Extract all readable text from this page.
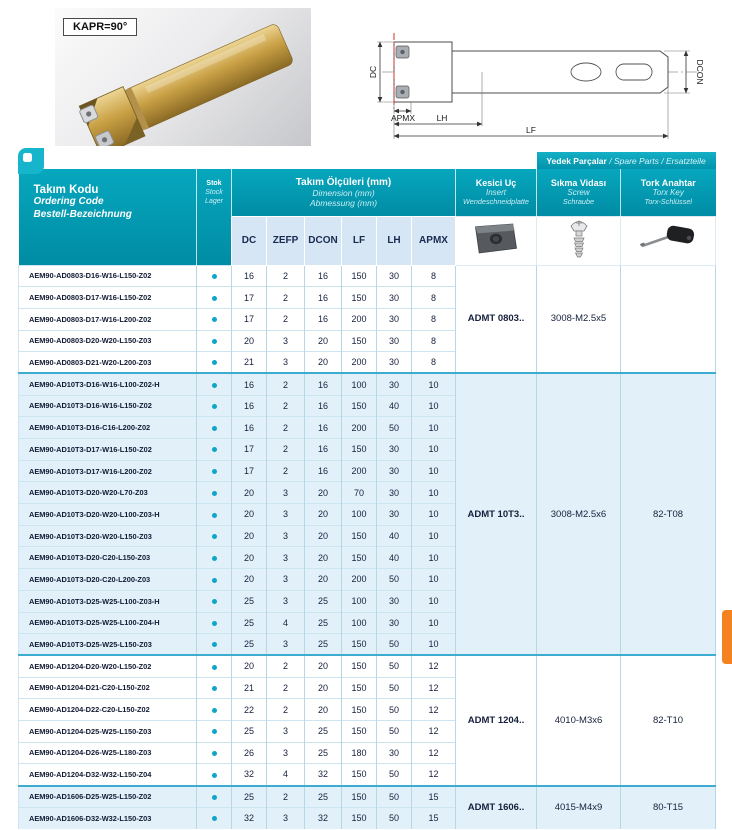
KAPR=90°
DC	DCON
APMX	LH
LF
									Yedek Parçalar / Spare Parts / Ersatzteile	

Takım Kodu
Ordering Code
Bestell-Bezeichnung	Stok
Stock
Lager	Takım Ölçüleri (mm)
Dimension (mm)
Abmessung (mm)						Kesici Uç
Insert
Wendeschneidplatte	Sıkma Vidası
Screw
Schraube	Tork Anahtar
Torx Key
Torx-Schlüssel

		DC	ZEFP	DCON	LF	LH	APMX			
AEM90-AD0803-D16-W16-L150-Z02		16	2	16	150	30	8	ADMT 0803..	3008-M2.5x5	
AEM90-AD0803-D17-W16-L150-Z02		17	2	16	150	30	8			
AEM90-AD0803-D17-W16-L200-Z02		17	2	16	200	30	8			
AEM90-AD0803-D20-W20-L150-Z03		20	3	20	150	30	8			
AEM90-AD0803-D21-W20-L200-Z03		21	3	20	200	30	8			
AEM90-AD10T3-D16-W16-L100-Z02-H		16	2	16	100	30	10	ADMT 10T3..	3008-M2.5x6	82-T08
AEM90-AD10T3-D16-W16-L150-Z02		16	2	16	150	40	10			
AEM90-AD10T3-D16-C16-L200-Z02		16	2	16	200	50	10			
AEM90-AD10T3-D17-W16-L150-Z02		17	2	16	150	30	10			
AEM90-AD10T3-D17-W16-L200-Z02		17	2	16	200	30	10			
AEM90-AD10T3-D20-W20-L70-Z03		20	3	20	70	30	10			
AEM90-AD10T3-D20-W20-L100-Z03-H		20	3	20	100	30	10			
AEM90-AD10T3-D20-W20-L150-Z03		20	3	20	150	40	10			
AEM90-AD10T3-D20-C20-L150-Z03		20	3	20	150	40	10			
AEM90-AD10T3-D20-C20-L200-Z03		20	3	20	200	50	10			
AEM90-AD10T3-D25-W25-L100-Z03-H		25	3	25	100	30	10			
AEM90-AD10T3-D25-W25-L100-Z04-H		25	4	25	100	30	10			
AEM90-AD10T3-D25-W25-L150-Z03		25	3	25	150	50	10			
AEM90-AD1204-D20-W20-L150-Z02		20	2	20	150	50	12	ADMT 1204..	4010-M3x6	82-T10
AEM90-AD1204-D21-C20-L150-Z02		21	2	20	150	50	12			
AEM90-AD1204-D22-C20-L150-Z02		22	2	20	150	50	12			
AEM90-AD1204-D25-W25-L150-Z03		25	3	25	150	50	12			
AEM90-AD1204-D26-W25-L180-Z03		26	3	25	180	30	12			
AEM90-AD1204-D32-W32-L150-Z04		32	4	32	150	50	12			
AEM90-AD1606-D25-W25-L150-Z02		25	2	25	150	50	15	ADMT 1606..	4015-M4x9	80-T15
AEM90-AD1606-D32-W32-L150-Z03		32	3	32	150	50	15			
